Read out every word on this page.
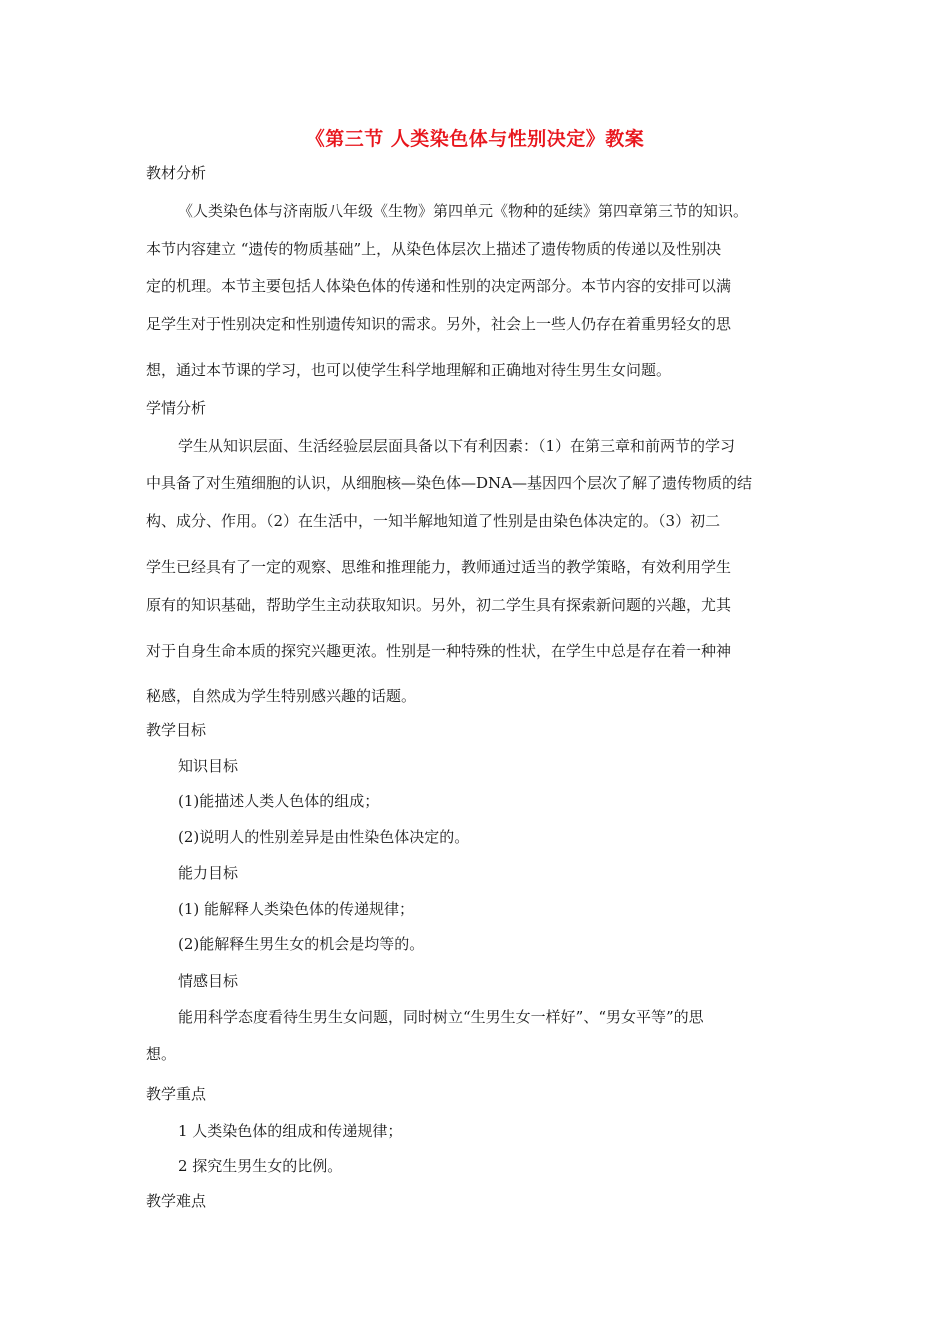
《第三节 人类染色体与性别决定》教案
教材分析
《人类染色体与济南版八年级《生物》第四单元《物种的延续》第四章第三节的知识。
本节内容建立 “遗传的物质基础”上，从染色体层次上描述了遗传物质的传递以及性别决
定的机理。本节主要包括人体染色体的传递和性别的决定两部分。本节内容的安排可以满
足学生对于性别决定和性别遗传知识的需求。另外，社会上一些人仍存在着重男轻女的思
想，通过本节课的学习，也可以使学生科学地理解和正确地对待生男生女问题。
学情分析
学生从知识层面、生活经验层层面具备以下有利因素：（1）在第三章和前两节的学习
中具备了对生殖细胞的认识，从细胞核—染色体—DNA—基因四个层次了解了遗传物质的结
构、成分、作用。（2）在生活中，一知半解地知道了性别是由染色体决定的。（3）初二
学生已经具有了一定的观察、思维和推理能力，教师通过适当的教学策略，有效利用学生
原有的知识基础，帮助学生主动获取知识。另外，初二学生具有探索新问题的兴趣，尤其
对于自身生命本质的探究兴趣更浓。性别是一种特殊的性状，在学生中总是存在着一种神
秘感，自然成为学生特别感兴趣的话题。
教学目标
知识目标
(1)能描述人类人色体的组成；
(2)说明人的性别差异是由性染色体决定的。
能力目标
(1) 能解释人类染色体的传递规律；
(2)能解释生男生女的机会是均等的。
情感目标
能用科学态度看待生男生女问题，同时树立“生男生女一样好”、“男女平等”的思
想。
教学重点
1 人类染色体的组成和传递规律；
2 探究生男生女的比例。
教学难点
